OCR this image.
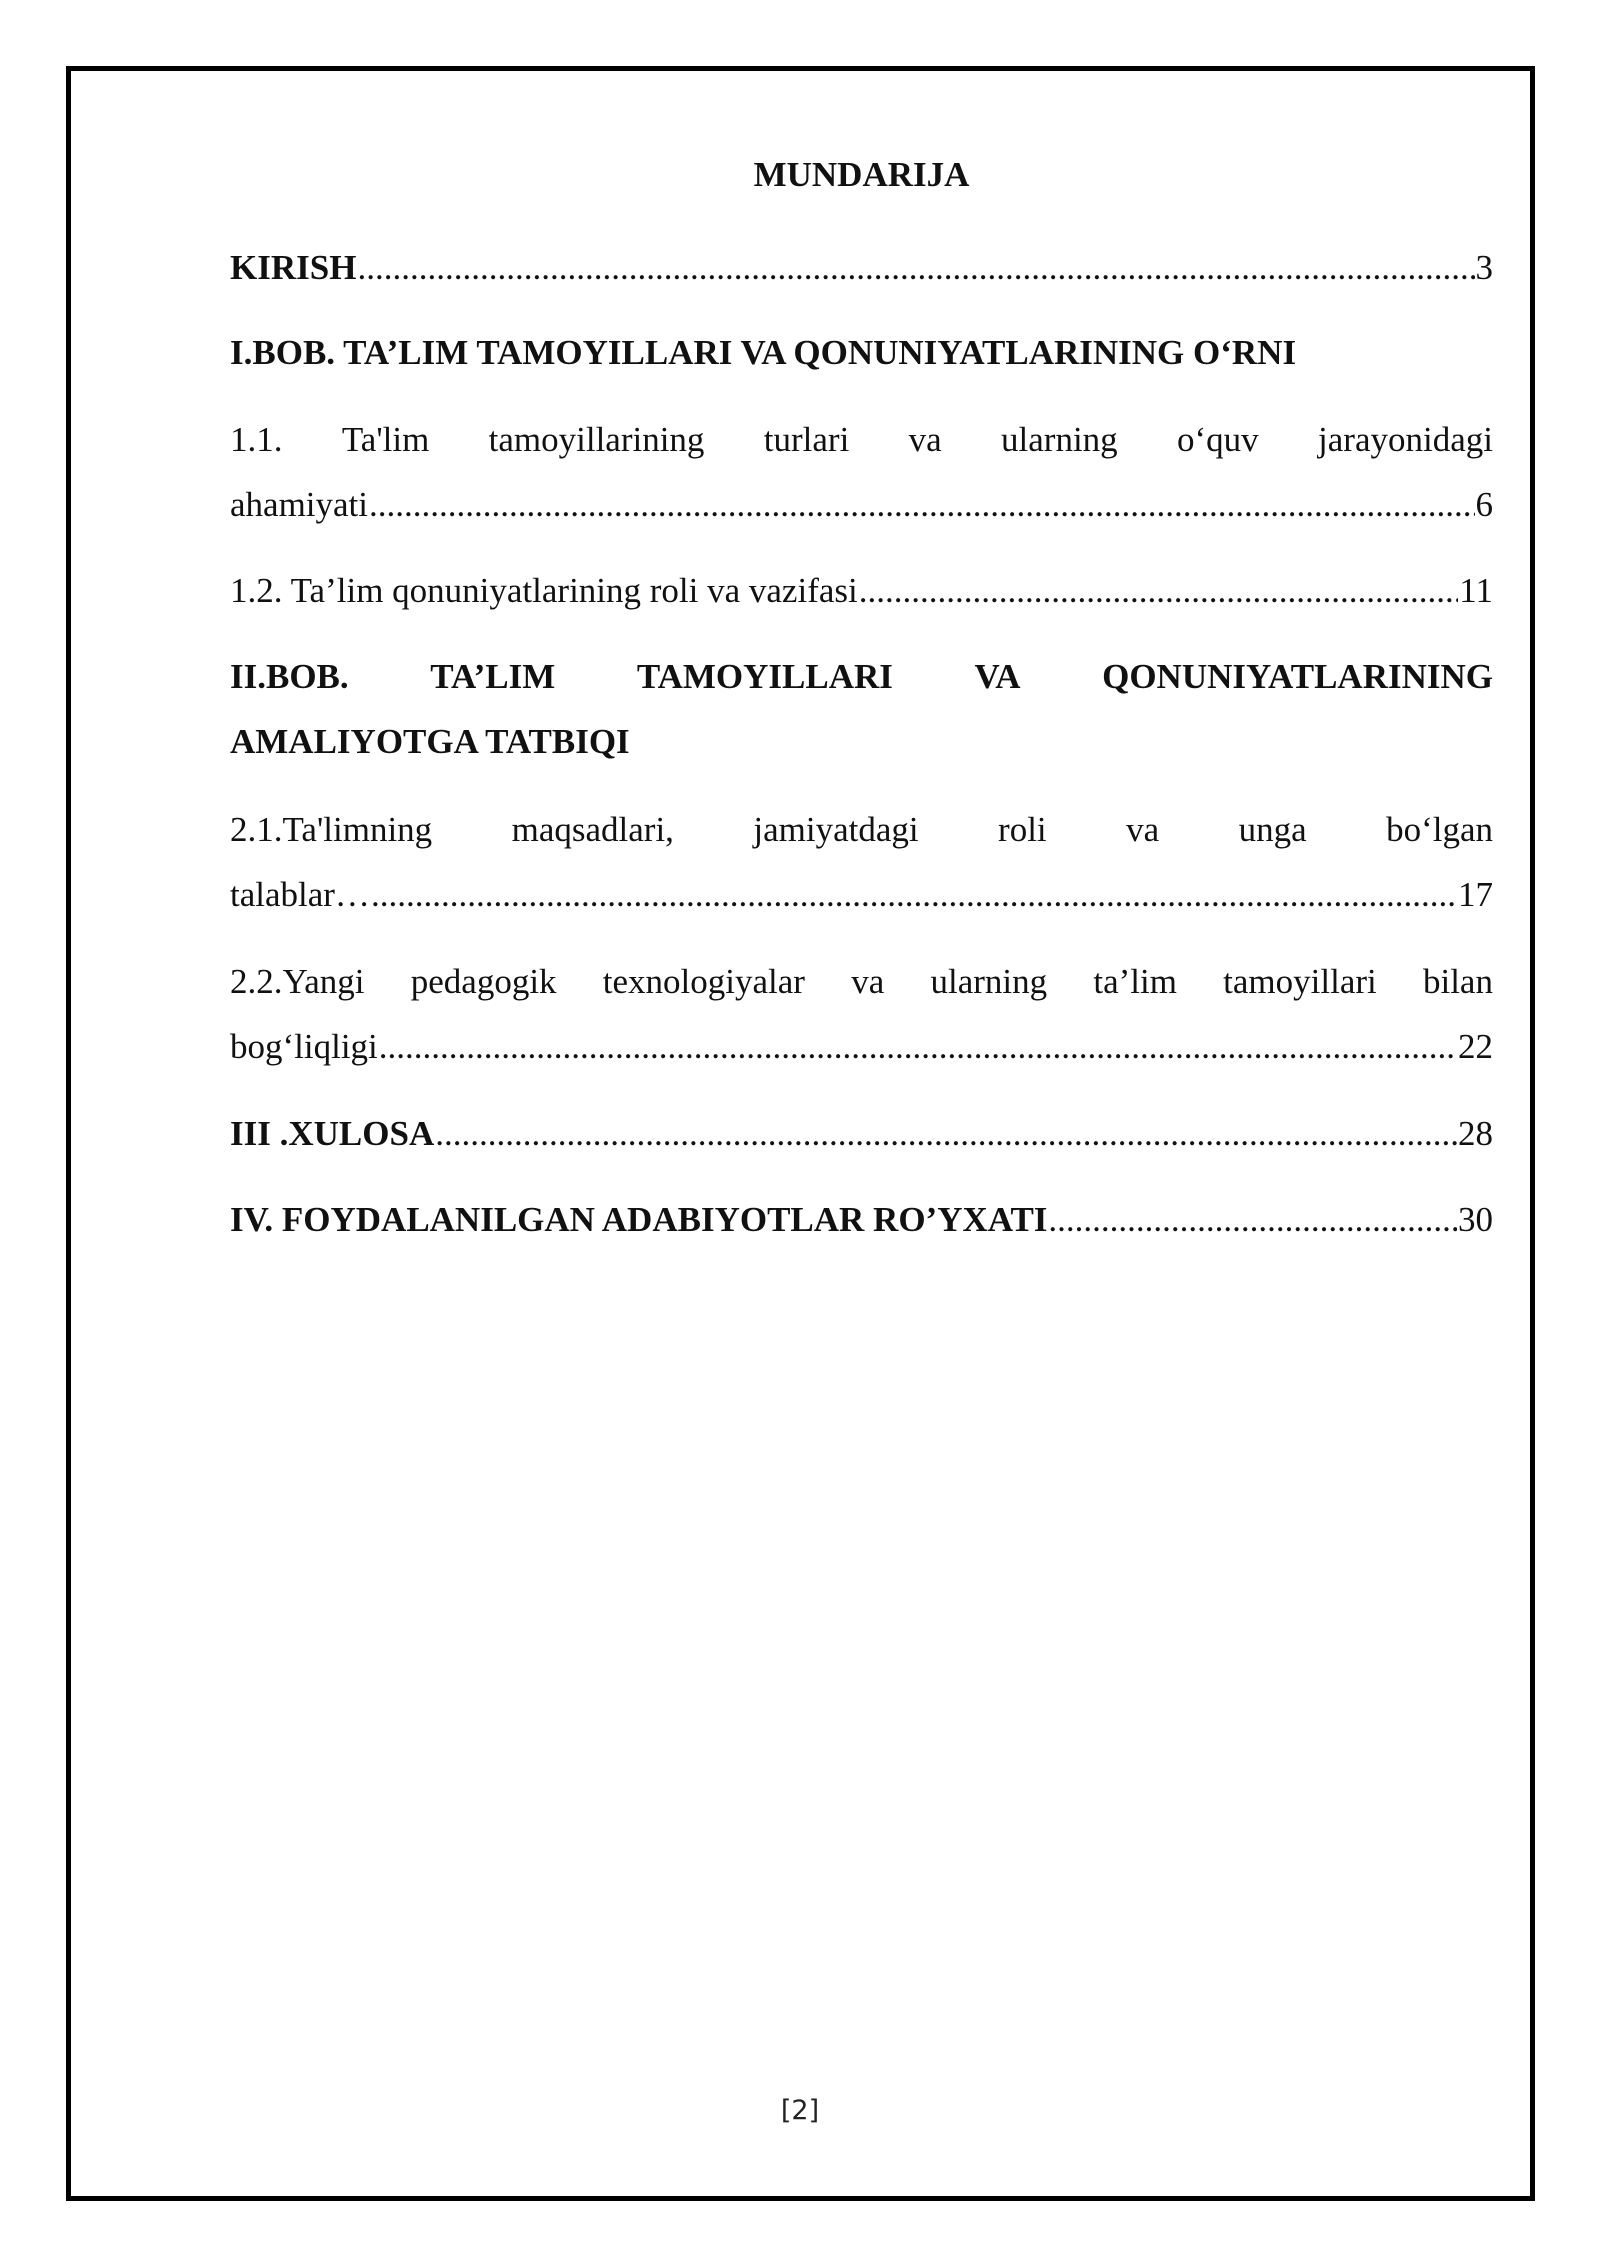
MUNDARIJA
KIRISH .....	3
I.BOB. TA’LIM TAMOYILLARI VA QONUNIYATLARINING O‘RNI
1.1. Ta'lim tamoyillarining turlari va ularning o‘quv jarayonidagi
ahamiyati .....	6
1.2. Ta’lim qonuniyatlarining roli va vazifasi .....	11
II.BOB. TA’LIM TAMOYILLARI VA QONUNIYATLARINING
AMALIYOTGA TATBIQI
2.1.Ta'limning maqsadlari, jamiyatdagi roli va unga bo‘lgan
talablar… .....	17
2.2.Yangi pedagogik texnologiyalar va ularning ta’lim tamoyillari bilan
bog‘liqligi .....	22
III .XULOSA .....	28
IV. FOYDALANILGAN ADABIYOTLAR RO’YXATI .....	30
[2]
